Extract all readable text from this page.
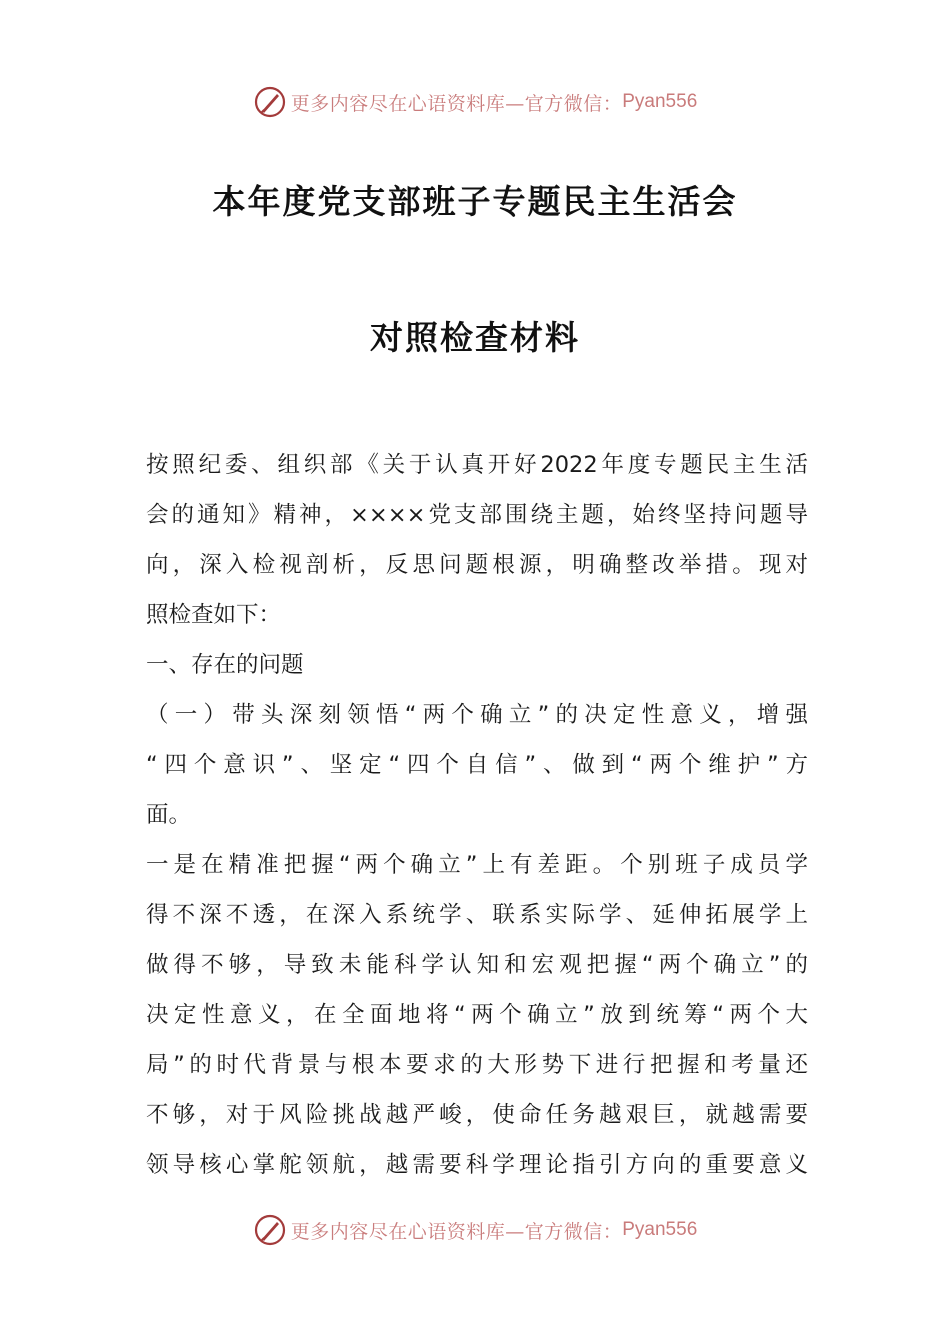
更多内容尽在心语资料库—官方微信： Pyan556
本年度党支部班子专题民主生活会
对照检查材料
按照纪委、组织部《关于认真开好2022年度专题民主生活
会的通知》精神，××××党支部围绕主题，始终坚持问题导
向，深入检视剖析，反思问题根源，明确整改举措。现对
照检查如下：
一、存在的问题
（一）带头深刻领悟“两个确立”的决定性意义，增强
“四个意识”、坚定“四个自信”、做到“两个维护”方
面。
一是在精准把握“两个确立”上有差距。个别班子成员学
得不深不透，在深入系统学、联系实际学、延伸拓展学上
做得不够，导致未能科学认知和宏观把握“两个确立”的
决定性意义，在全面地将“两个确立”放到统筹“两个大
局”的时代背景与根本要求的大形势下进行把握和考量还
不够，对于风险挑战越严峻，使命任务越艰巨，就越需要
领导核心掌舵领航，越需要科学理论指引方向的重要意义
更多内容尽在心语资料库—官方微信： Pyan556
